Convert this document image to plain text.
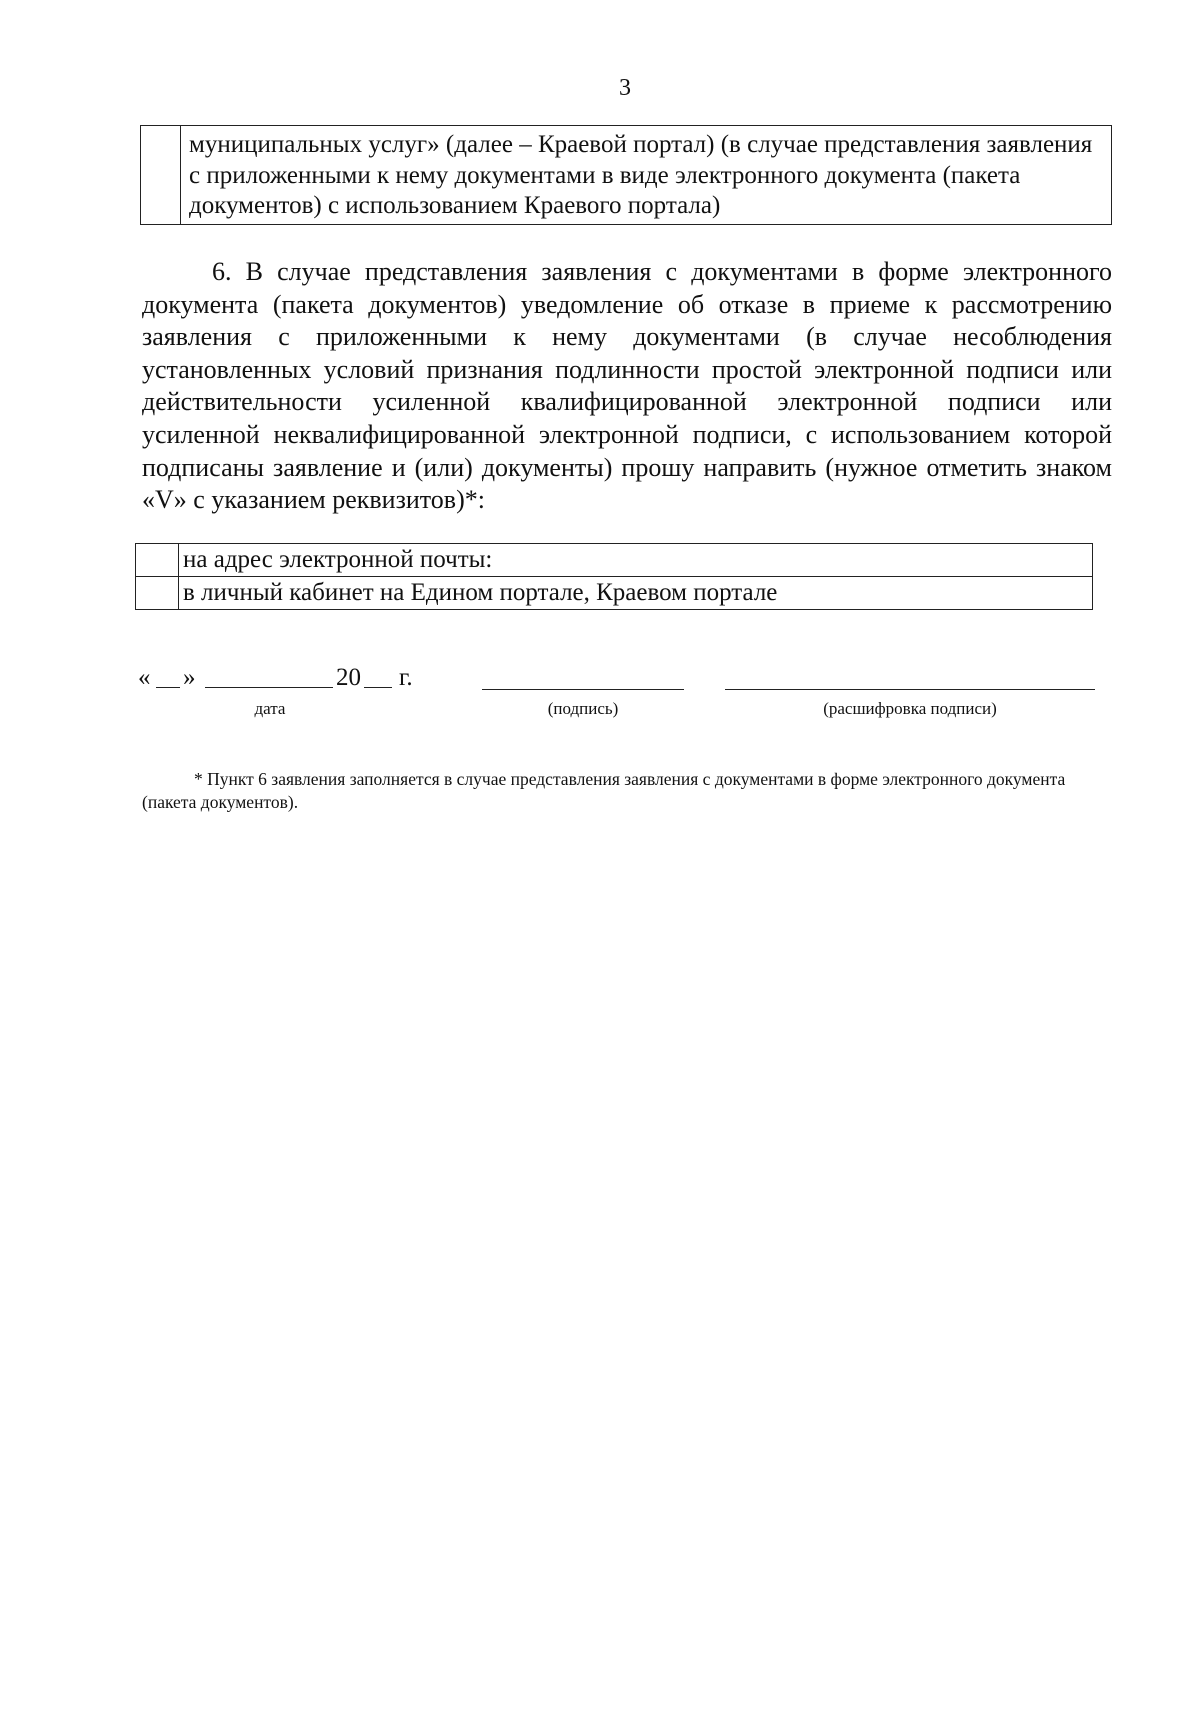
3
муниципальных услуг» (далее – Краевой портал) (в случае представления заявления с приложенными к нему документами в виде электронного документа (пакета документов) с использованием Краевого портала)
6. В случае представления заявления с документами в форме электронного документа (пакета документов) уведомление об отказе в приеме к рассмотрению заявления с приложенными к нему документами (в случае несоблюдения установленных условий признания подлинности простой электронной подписи или действительности усиленной квалифицированной электронной подписи или усиленной неквалифицированной электронной подписи, с использованием которой подписаны заявление и (или) документы) прошу направить (нужное отметить знаком «V» с указанием реквизитов)*:
	на адрес электронной почты:
	в личный кабинет на Едином портале, Краевом портале
« »	20 г.
дата	(подпись)	(расшифровка подписи)
* Пункт 6 заявления заполняется в случае представления заявления с документами в форме электронного документа (пакета документов).
